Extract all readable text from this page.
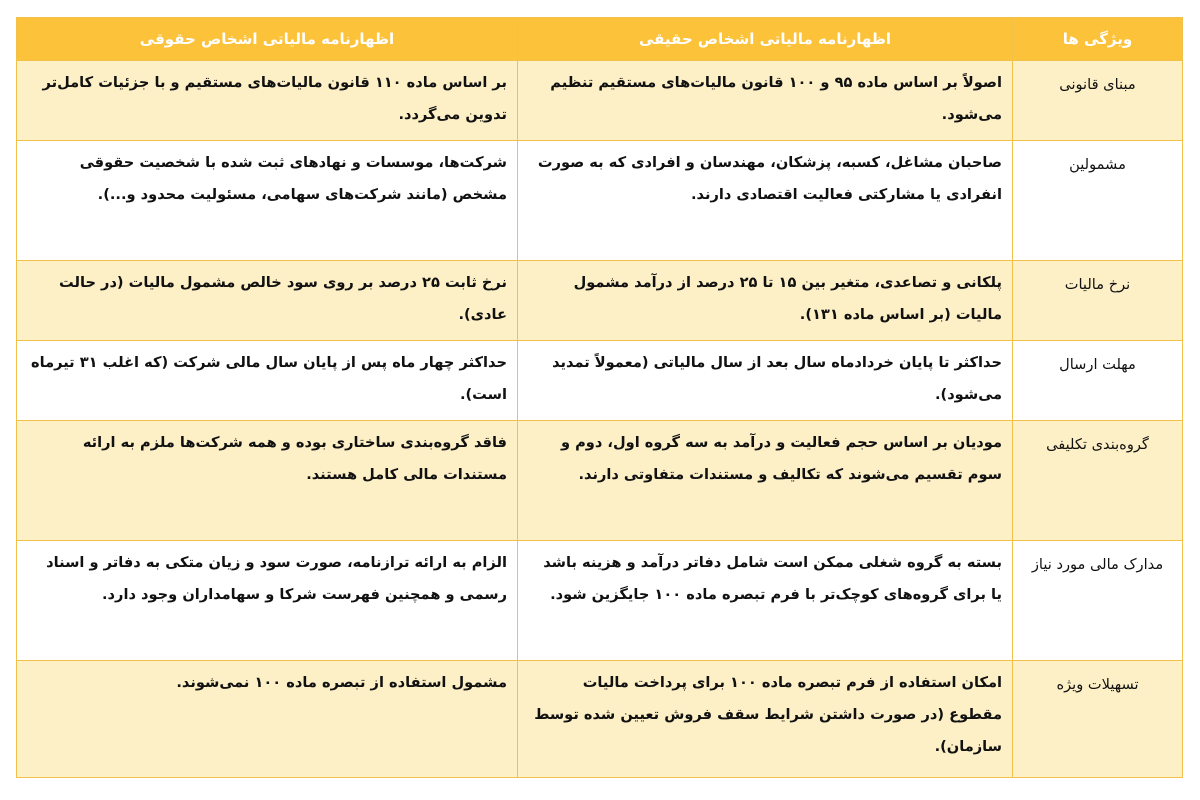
ویژگی ها	اظهارنامه مالیاتی اشخاص حقیقی	اظهارنامه مالیاتی اشخاص حقوقی
مبنای قانونی	اصولاً بر اساس ماده ۹۵ و ۱۰۰ قانون مالیات‌های مستقیم تنظیم می‌شود.	بر اساس ماده ۱۱۰ قانون مالیات‌های مستقیم و با جزئیات کامل‌تر تدوین می‌گردد.
مشمولین	صاحبان مشاغل، کسبه، پزشکان، مهندسان و افرادی که به صورت انفرادی یا مشارکتی فعالیت اقتصادی دارند.	شرکت‌ها، موسسات و نهادهای ثبت شده با شخصیت حقوقی مشخص (مانند شرکت‌های سهامی، مسئولیت محدود و...).
نرخ مالیات	پلکانی و تصاعدی، متغیر بین ۱۵ تا ۲۵ درصد از درآمد مشمول مالیات (بر اساس ماده ۱۳۱).	نرخ ثابت ۲۵ درصد بر روی سود خالص مشمول مالیات (در حالت عادی).
مهلت ارسال	حداکثر تا پایان خردادماه سال بعد از سال مالیاتی (معمولاً تمدید می‌شود).	حداکثر چهار ماه پس از پایان سال مالی شرکت (که اغلب ۳۱ تیرماه است).
گروه‌بندی تکلیفی	مودیان بر اساس حجم فعالیت و درآمد به سه گروه اول، دوم و سوم تقسیم می‌شوند که تکالیف و مستندات متفاوتی دارند.	فاقد گروه‌بندی ساختاری بوده و همه شرکت‌ها ملزم به ارائه مستندات مالی کامل هستند.
مدارک مالی مورد نیاز	بسته به گروه شغلی ممکن است شامل دفاتر درآمد و هزینه باشد یا برای گروه‌های کوچک‌تر با فرم تبصره ماده ۱۰۰ جایگزین شود.	الزام به ارائه ترازنامه، صورت سود و زیان متکی به دفاتر و اسناد رسمی و همچنین فهرست شرکا و سهامداران وجود دارد.
تسهیلات ویژه	امکان استفاده از فرم تبصره ماده ۱۰۰ برای پرداخت مالیات مقطوع (در صورت داشتن شرایط سقف فروش تعیین شده توسط سازمان).	مشمول استفاده از تبصره ماده ۱۰۰ نمی‌شوند.
